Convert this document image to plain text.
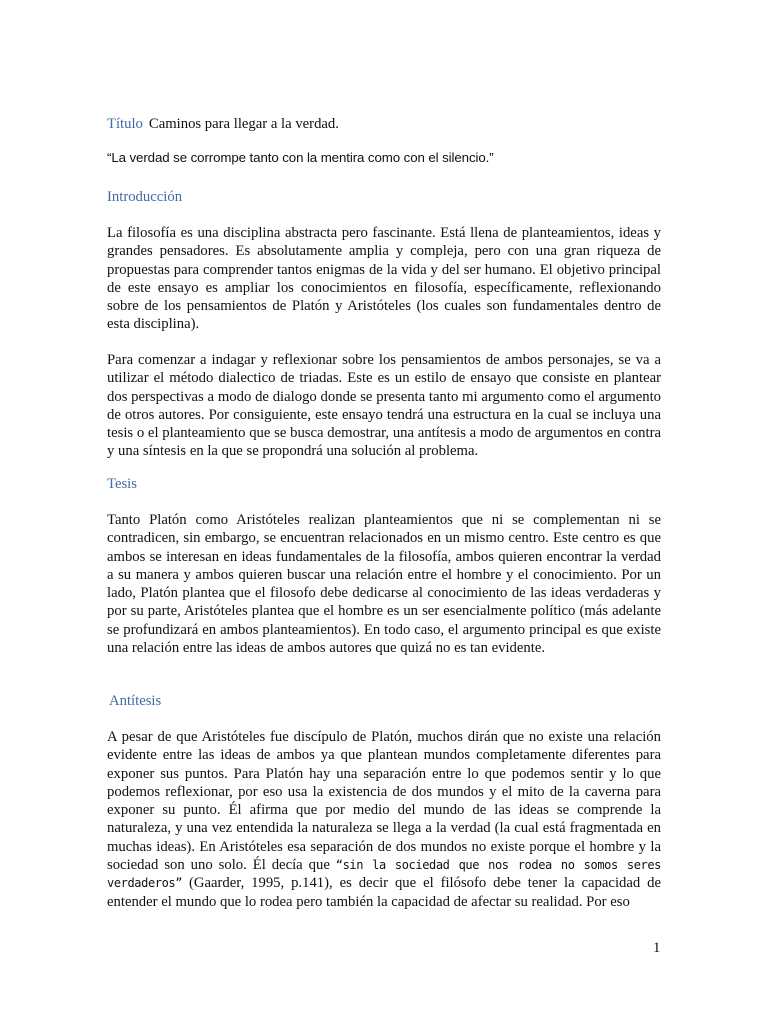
Título Caminos para llegar a la verdad.

“La verdad se corrompe tanto con la mentira como con el silencio.”

Introducción

La filosofía es una disciplina abstracta pero fascinante. Está llena de planteamientos, ideas y grandes pensadores. Es absolutamente amplia y compleja, pero con una gran riqueza de propuestas para comprender tantos enigmas de la vida y del ser humano. El objetivo principal de este ensayo es ampliar los conocimientos en filosofía, específicamente, reflexionando sobre de los pensamientos de Platón y Aristóteles (los cuales son fundamentales dentro de esta disciplina).

Para comenzar a indagar y reflexionar sobre los pensamientos de ambos personajes, se va a utilizar el método dialectico de triadas. Este es un estilo de ensayo que consiste en plantear dos perspectivas a modo de dialogo donde se presenta tanto mi argumento como el argumento de otros autores. Por consiguiente, este ensayo tendrá una estructura en la cual se incluya una tesis o el planteamiento que se busca demostrar, una antítesis a modo de argumentos en contra y una síntesis en la que se propondrá una solución al problema.

Tesis

Tanto Platón como Aristóteles realizan planteamientos que ni se complementan ni se contradicen, sin embargo, se encuentran relacionados en un mismo centro. Este centro es que ambos se interesan en ideas fundamentales de la filosofía, ambos quieren encontrar la verdad a su manera y ambos quieren buscar una relación entre el hombre y el conocimiento. Por un lado, Platón plantea que el filosofo debe dedicarse al conocimiento de las ideas verdaderas y por su parte, Aristóteles plantea que el hombre es un ser esencialmente político (más adelante se profundizará en ambos planteamientos). En todo caso, el argumento principal es que existe una relación entre las ideas de ambos autores que quizá no es tan evidente.

Antítesis

A pesar de que Aristóteles fue discípulo de Platón, muchos dirán que no existe una relación evidente entre las ideas de ambos ya que plantean mundos completamente diferentes para exponer sus puntos. Para Platón hay una separación entre lo que podemos sentir y lo que podemos reflexionar, por eso usa la existencia de dos mundos y el mito de la caverna para exponer su punto. Él afirma que por medio del mundo de las ideas se comprende la naturaleza, y una vez entendida la naturaleza se llega a la verdad (la cual está fragmentada en muchas ideas). En Aristóteles esa separación de dos mundos no existe porque el hombre y la sociedad son uno solo. Él decía que “sin la sociedad que nos rodea no somos seres verdaderos” (Gaarder, 1995, p.141), es decir que el filósofo debe tener la capacidad de entender el mundo que lo rodea pero también la capacidad de afectar su realidad. Por eso

1
